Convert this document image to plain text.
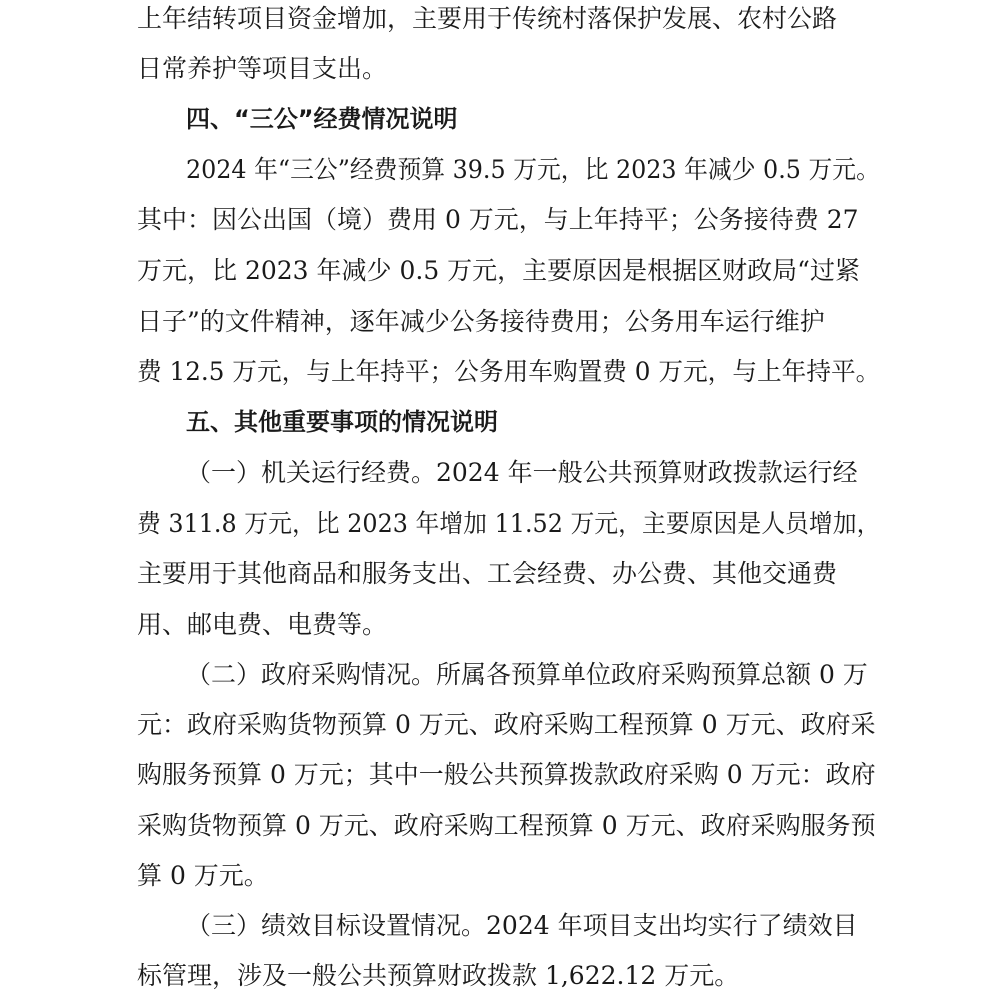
上年结转项目资金增加，主要用于传统村落保护发展、农村公路
日常养护等项目支出。
四、“三公”经费情况说明
2024 年“三公”经费预算 39.5 万元，比 2023 年减少 0.5 万元。
其中：因公出国（境）费用 0 万元，与上年持平；公务接待费 27
万元，比 2023 年减少 0.5 万元，主要原因是根据区财政局“过紧
日子”的文件精神，逐年减少公务接待费用；公务用车运行维护
费 12.5 万元，与上年持平；公务用车购置费 0 万元，与上年持平。
五、其他重要事项的情况说明
（一）机关运行经费。2024 年一般公共预算财政拨款运行经
费 311.8 万元，比 2023 年增加 11.52 万元，主要原因是人员增加，
主要用于其他商品和服务支出、工会经费、办公费、其他交通费
用、邮电费、电费等。
（二）政府采购情况。所属各预算单位政府采购预算总额 0 万
元：政府采购货物预算 0 万元、政府采购工程预算 0 万元、政府采
购服务预算 0 万元；其中一般公共预算拨款政府采购 0 万元：政府
采购货物预算 0 万元、政府采购工程预算 0 万元、政府采购服务预
算 0 万元。
（三）绩效目标设置情况。2024 年项目支出均实行了绩效目
标管理，涉及一般公共预算财政拨款 1,622.12 万元。
